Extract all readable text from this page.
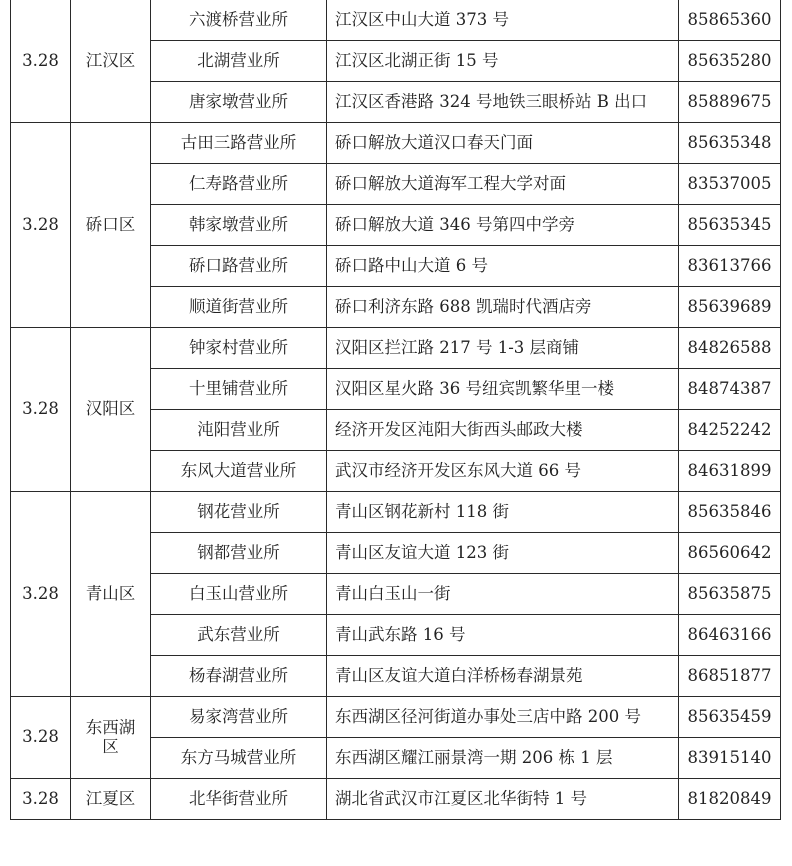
3.28	江汉区	六渡桥营业所	江汉区中山大道 373 号	85865360
		北湖营业所	江汉区北湖正街 15 号	85635280
		唐家墩营业所	江汉区香港路 324 号地铁三眼桥站 B 出口	85889675
3.28	硚口区	古田三路营业所	硚口解放大道汉口春天门面	85635348
		仁寿路营业所	硚口解放大道海军工程大学对面	83537005
		韩家墩营业所	硚口解放大道 346 号第四中学旁	85635345
		硚口路营业所	硚口路中山大道 6 号	83613766
		顺道街营业所	硚口利济东路 688 凯瑞时代酒店旁	85639689
3.28	汉阳区	钟家村营业所	汉阳区拦江路 217 号 1-3 层商铺	84826588
		十里铺营业所	汉阳区星火路 36 号纽宾凯繁华里一楼	84874387
		沌阳营业所	经济开发区沌阳大街西头邮政大楼	84252242
		东风大道营业所	武汉市经济开发区东风大道 66 号	84631899
3.28	青山区	钢花营业所	青山区钢花新村 118 街	85635846
		钢都营业所	青山区友谊大道 123 街	86560642
		白玉山营业所	青山白玉山一街	85635875
		武东营业所	青山武东路 16 号	86463166
		杨春湖营业所	青山区友谊大道白洋桥杨春湖景苑	86851877
3.28	东西湖区	易家湾营业所	东西湖区径河街道办事处三店中路 200 号	85635459
		东方马城营业所	东西湖区耀江丽景湾一期 206 栋 1 层	83915140
3.28	江夏区	北华街营业所	湖北省武汉市江夏区北华街特 1 号	81820849
